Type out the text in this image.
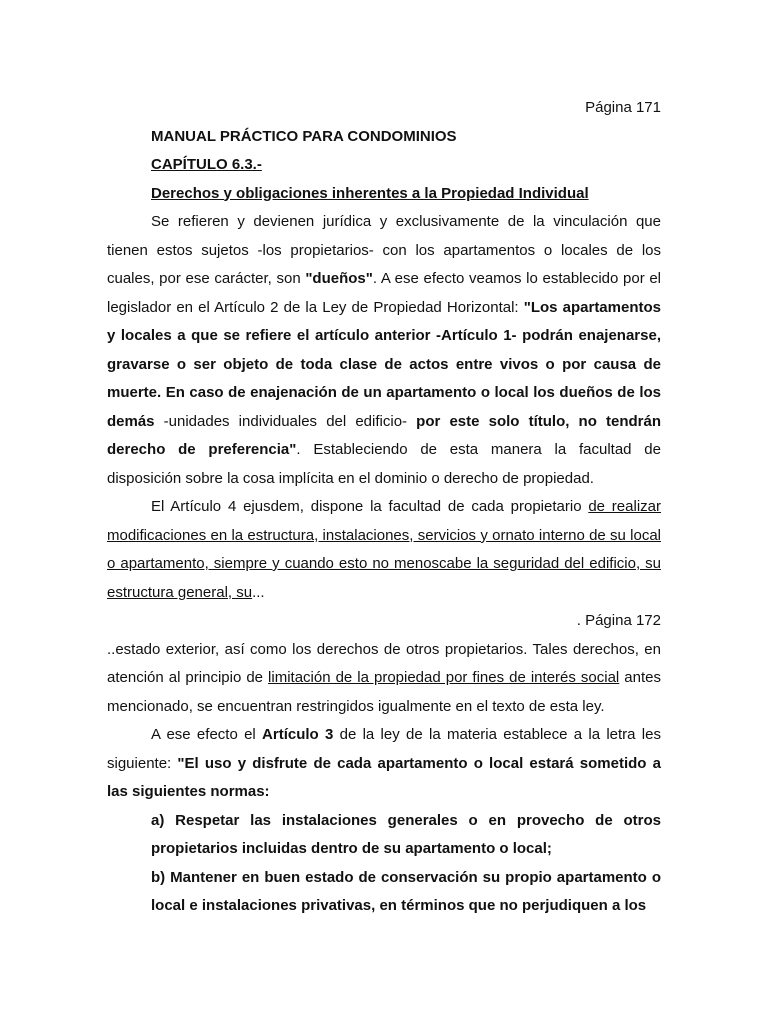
Página 171
MANUAL PRÁCTICO PARA CONDOMINIOS
CAPÍTULO 6.3.-
Derechos y obligaciones inherentes a la Propiedad Individual

Se refieren y devienen jurídica y exclusivamente de la vinculación que tienen estos sujetos -los propietarios- con los apartamentos o locales de los cuales, por ese carácter, son "dueños". A ese efecto veamos lo establecido por el legislador en el Artículo 2 de la Ley de Propiedad Horizontal: "Los apartamentos y locales a que se refiere el artículo anterior -Artículo 1- podrán enajenarse, gravarse o ser objeto de toda clase de actos entre vivos o por causa de muerte. En caso de enajenación de un apartamento o local los dueños de los demás -unidades individuales del edificio- por este solo título, no tendrán derecho de preferencia". Estableciendo de esta manera la facultad de disposición sobre la cosa implícita en el dominio o derecho de propiedad.

El Artículo 4 ejusdem, dispone la facultad de cada propietario de realizar modificaciones en la estructura, instalaciones, servicios y ornato interno de su local o apartamento, siempre y cuando esto no menoscabe la seguridad del edificio, su estructura general, su...

. Página 172

..estado exterior, así como los derechos de otros propietarios. Tales derechos, en atención al principio de limitación de la propiedad por fines de interés social antes mencionado, se encuentran restringidos igualmente en el texto de esta ley.

A ese efecto el Artículo 3 de la ley de la materia establece a la letra les siguiente: "El uso y disfrute de cada apartamento o local estará sometido a las siguientes normas:

a) Respetar las instalaciones generales o en provecho de otros propietarios incluidas dentro de su apartamento o local;

b) Mantener en buen estado de conservación su propio apartamento o local e instalaciones privativas, en términos que no perjudiquen a los
